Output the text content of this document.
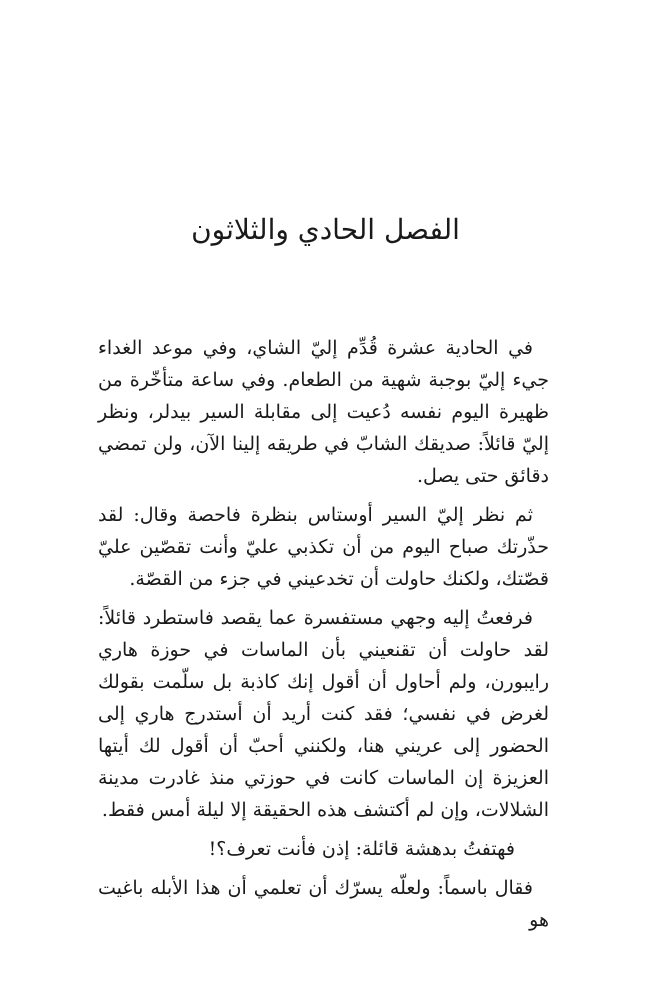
الفصل الحادي والثلاثون

في الحادية عشرة قُدِّم إليّ الشاي، وفي موعد الغداء جيء إليّ بوجبة شهية من الطعام. وفي ساعة متأخّرة من ظهيرة اليوم نفسه دُعيت إلى مقابلة السير بيدلر، ونظر إليّ قائلاً: صديقك الشابّ في طريقه إلينا الآن، ولن تمضي دقائق حتى يصل.

ثم نظر إليّ السير أوستاس بنظرة فاحصة وقال: لقد حذّرتك صباح اليوم من أن تكذبي عليّ وأنت تقصّين عليّ قصّتك، ولكنك حاولت أن تخدعيني في جزء من القصّة.

فرفعتُ إليه وجهي مستفسرة عما يقصد فاستطرد قائلاً: لقد حاولت أن تقنعيني بأن الماسات في حوزة هاري رايبورن، ولم أحاول أن أقول إنك كاذبة بل سلّمت بقولك لغرض في نفسي؛ فقد كنت أريد أن أستدرج هاري إلى الحضور إلى عريني هنا، ولكنني أحبّ أن أقول لك أيتها العزيزة إن الماسات كانت في حوزتي منذ غادرت مدينة الشلالات، وإن لم أكتشف هذه الحقيقة إلا ليلة أمس فقط.

فهتفتُ بدهشة قائلة: إذن فأنت تعرف؟!

فقال باسماً: ولعلّه يسرّك أن تعلمي أن هذا الأبله باغيت هو
